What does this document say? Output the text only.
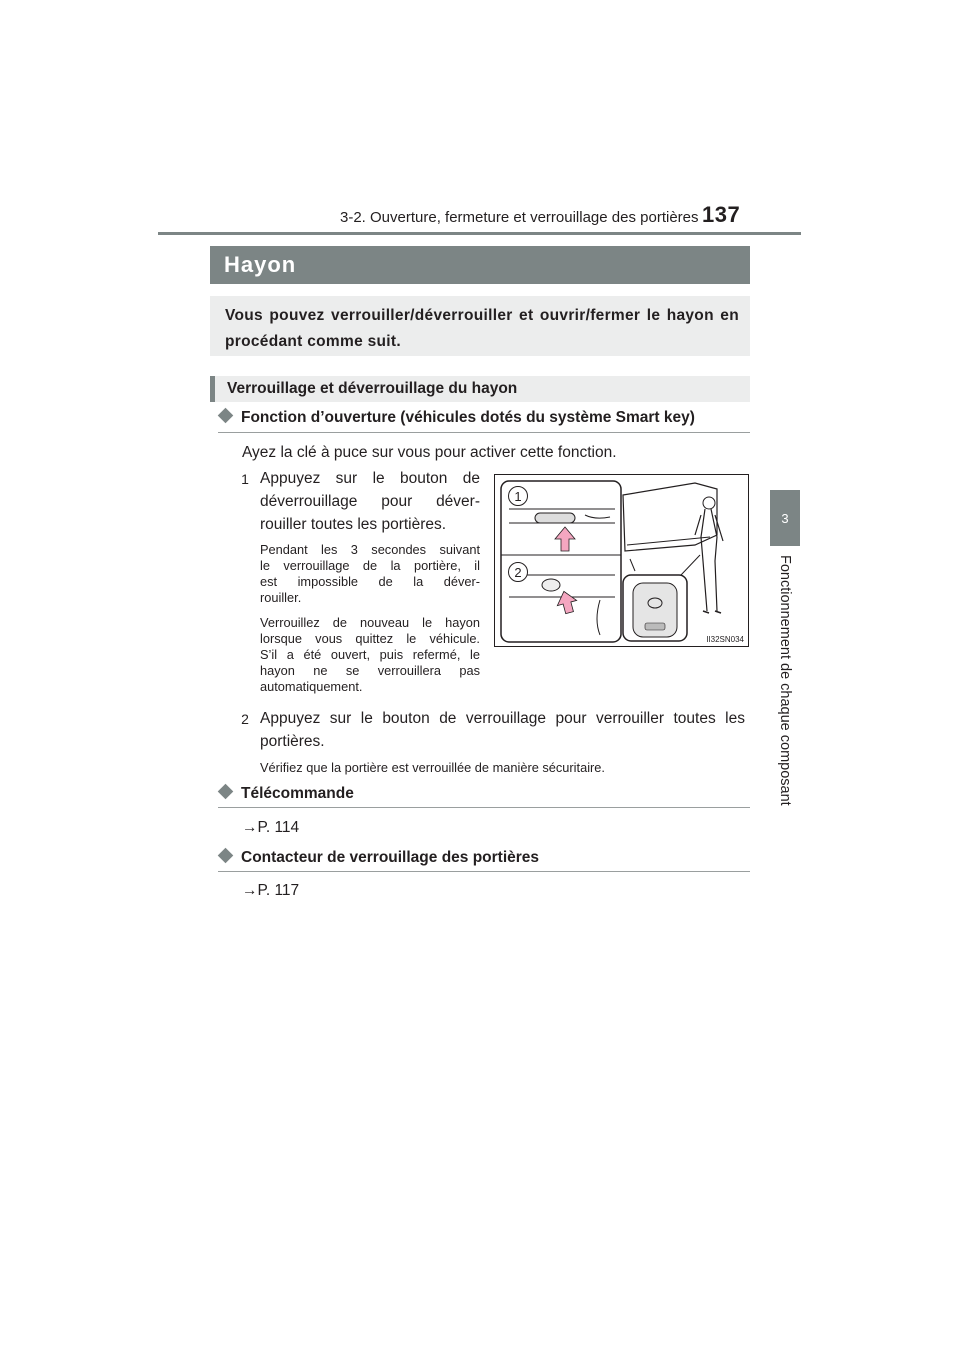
3-2. Ouverture, fermeture et verrouillage des portières 137
3
Fonctionnement de chaque composant
Hayon
Vous pouvez verrouiller/déverrouiller et ouvrir/fermer le hayon en procédant comme suit.
Verrouillage et déverrouillage du hayon
Fonction d’ouverture (véhicules dotés du système Smart key)
Ayez la clé à puce sur vous pour activer cette fonction.
1 Appuyez sur le bouton de
déverrouillage pour déver-
rouiller toutes les portières.
Pendant les 3 secondes suivant
le verrouillage de la portière, il
est impossible de la déver-
rouiller.
Verrouillez de nouveau le hayon
lorsque vous quittez le véhicule.
S’il a été ouvert, puis refermé, le
hayon ne se verrouillera pas
automatiquement.
1
2
II32SN034
2 Appuyez sur le bouton de verrouillage pour verrouiller toutes les
portières.
Vérifiez que la portière est verrouillée de manière sécuritaire.
Télécommande
→P. 114
Contacteur de verrouillage des portières
→P. 117
